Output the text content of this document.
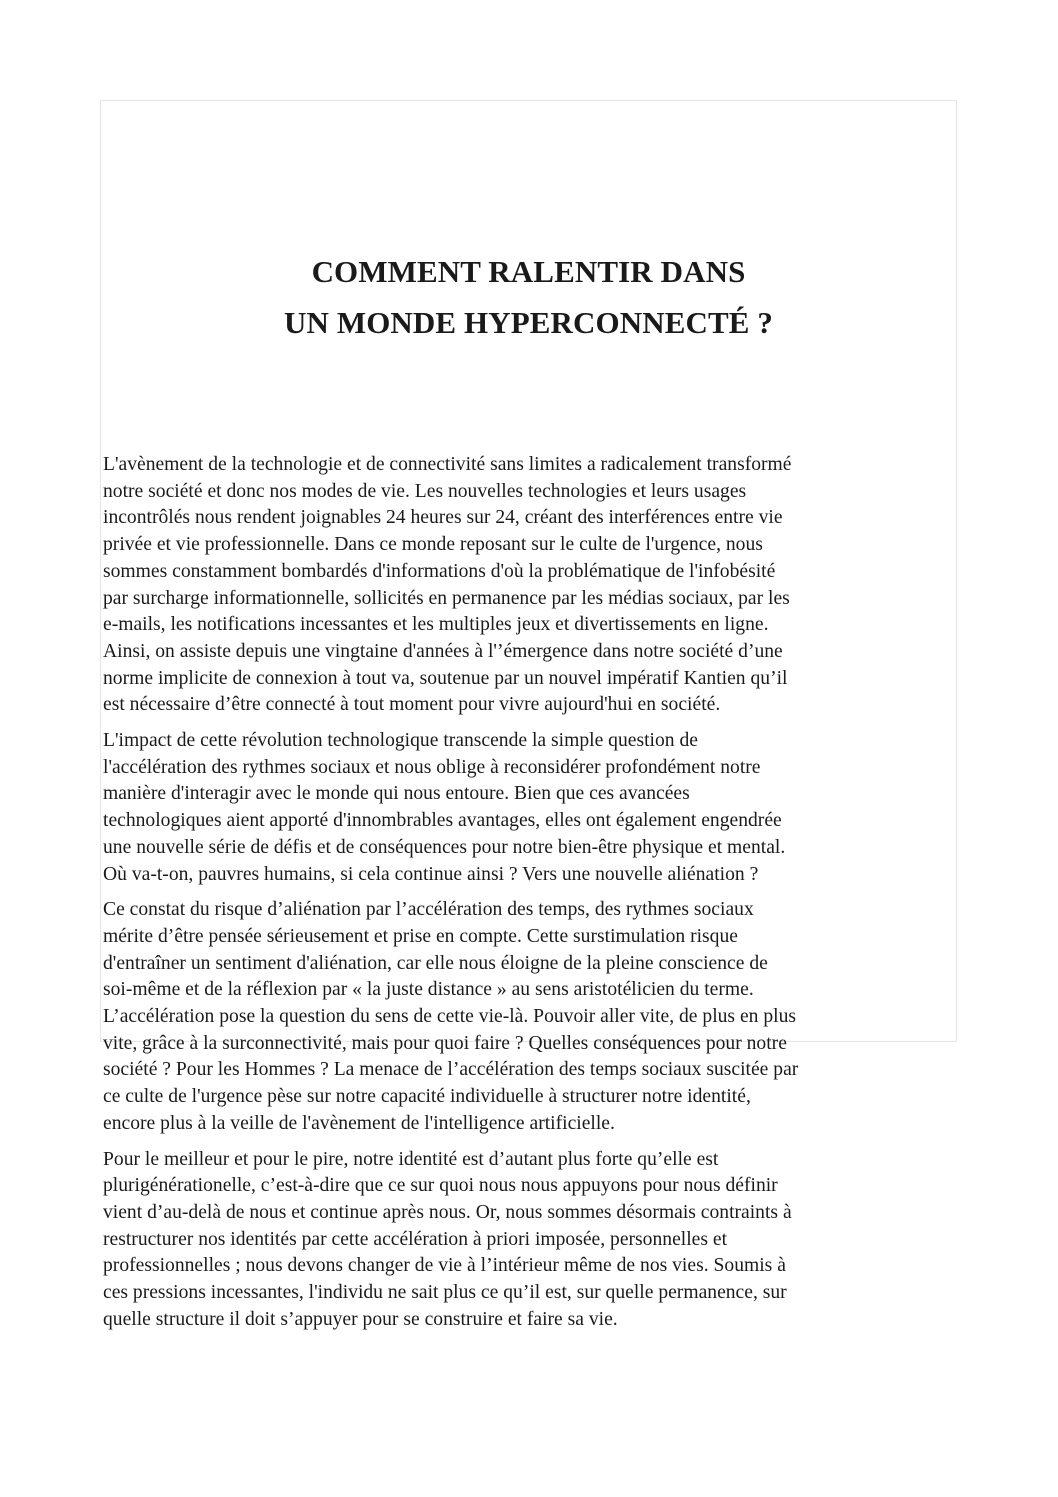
COMMENT RALENTIR DANS
UN MONDE HYPERCONNECTÉ ?

L'avènement de la technologie et de connectivité sans limites a radicalement transformé
notre société et donc nos modes de vie. Les nouvelles technologies et leurs usages
incontrôlés nous rendent joignables 24 heures sur 24, créant des interférences entre vie
privée et vie professionnelle. Dans ce monde reposant sur le culte de l'urgence, nous
sommes constamment bombardés d'informations d'où la problématique de l'infobésité
par surcharge informationnelle, sollicités en permanence par les médias sociaux, par les
e-mails, les notifications incessantes et les multiples jeux et divertissements en ligne.
Ainsi, on assiste depuis une vingtaine d'années à l'’émergence dans notre société d’une
norme implicite de connexion à tout va, soutenue par un nouvel impératif Kantien qu’il
est nécessaire d’être connecté à tout moment pour vivre aujourd'hui en société.

L'impact de cette révolution technologique transcende la simple question de
l'accélération des rythmes sociaux et nous oblige à reconsidérer profondément notre
manière d'interagir avec le monde qui nous entoure. Bien que ces avancées
technologiques aient apporté d'innombrables avantages, elles ont également engendrée
une nouvelle série de défis et de conséquences pour notre bien-être physique et mental.
Où va-t-on, pauvres humains, si cela continue ainsi ? Vers une nouvelle aliénation ?

Ce constat du risque d’aliénation par l’accélération des temps, des rythmes sociaux
mérite d’être pensée sérieusement et prise en compte. Cette surstimulation risque
d'entraîner un sentiment d'aliénation, car elle nous éloigne de la pleine conscience de
soi-même et de la réflexion par « la juste distance » au sens aristotélicien du terme.
L’accélération pose la question du sens de cette vie-là. Pouvoir aller vite, de plus en plus
vite, grâce à la surconnectivité, mais pour quoi faire ? Quelles conséquences pour notre
société ? Pour les Hommes ? La menace de l’accélération des temps sociaux suscitée par
ce culte de l'urgence pèse sur notre capacité individuelle à structurer notre identité,
encore plus à la veille de l'avènement de l'intelligence artificielle.

Pour le meilleur et pour le pire, notre identité est d’autant plus forte qu’elle est
plurigénérationelle, c’est-à-dire que ce sur quoi nous nous appuyons pour nous définir
vient d’au-delà de nous et continue après nous. Or, nous sommes désormais contraints à
restructurer nos identités par cette accélération à priori imposée, personnelles et
professionnelles ; nous devons changer de vie à l’intérieur même de nos vies. Soumis à
ces pressions incessantes, l'individu ne sait plus ce qu’il est, sur quelle permanence, sur
quelle structure il doit s’appuyer pour se construire et faire sa vie.
